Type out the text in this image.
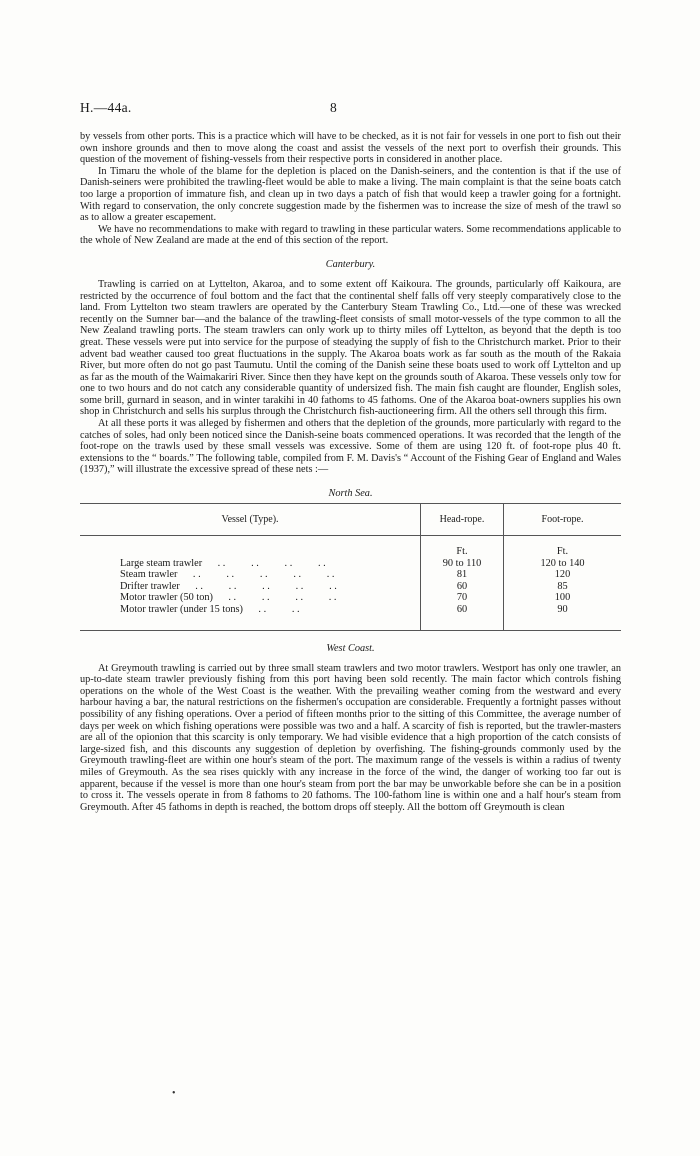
H.—44a.	8

by vessels from other ports. This is a practice which will have to be checked, as it is not fair for vessels in one port to fish out their own inshore grounds and then to move along the coast and assist the vessels of the next port to overfish their grounds. This question of the movement of fishing-vessels from their respective ports in considered in another place.

In Timaru the whole of the blame for the depletion is placed on the Danish-seiners, and the contention is that if the use of Danish-seiners were prohibited the trawling-fleet would be able to make a living. The main complaint is that the seine boats catch too large a proportion of immature fish, and clean up in two days a patch of fish that would keep a trawler going for a fortnight. With regard to conservation, the only concrete suggestion made by the fishermen was to increase the size of mesh of the trawl so as to allow a greater escapement.

We have no recommendations to make with regard to trawling in these particular waters. Some recommendations applicable to the whole of New Zealand are made at the end of this section of the report.

Canterbury.

Trawling is carried on at Lyttelton, Akaroa, and to some extent off Kaikoura. The grounds, particularly off Kaikoura, are restricted by the occurrence of foul bottom and the fact that the continental shelf falls off very steeply comparatively close to the land. From Lyttelton two steam trawlers are operated by the Canterbury Steam Trawling Co., Ltd.—one of these was wrecked recently on the Sumner bar—and the balance of the trawling-fleet consists of small motor-vessels of the type common to all the New Zealand trawling ports. The steam trawlers can only work up to thirty miles off Lyttelton, as beyond that the depth is too great. These vessels were put into service for the purpose of steadying the supply of fish to the Christchurch market. Prior to their advent bad weather caused too great fluctuations in the supply. The Akaroa boats work as far south as the mouth of the Rakaia River, but more often do not go past Taumutu. Until the coming of the Danish seine these boats used to work off Lyttelton and up as far as the mouth of the Waimakariri River. Since then they have kept on the grounds south of Akaroa. These vessels only tow for one to two hours and do not catch any considerable quantity of undersized fish. The main fish caught are flounder, English soles, some brill, gurnard in season, and in winter tarakihi in 40 fathoms to 45 fathoms. One of the Akaroa boat-owners supplies his own shop in Christchurch and sells his surplus through the Christchurch fish-auctioneering firm. All the others sell through this firm.

At all these ports it was alleged by fishermen and others that the depletion of the grounds, more particularly with regard to the catches of soles, had only been noticed since the Danish-seine boats commenced operations. It was recorded that the length of the foot-rope on the trawls used by these small vessels was excessive. Some of them are using 120 ft. of foot-rope plus 40 ft. extensions to the “ boards.” The following table, compiled from F. M. Davis's “ Account of the Fishing Gear of England and Wales (1937),” will illustrate the excessive spread of these nets :—

North Sea.
Vessel (Type).	Head-rope.	Foot-rope.
	Ft.	Ft.
Large steam trawler . .          . .          . .          . .	90 to 110	120 to 140
Steam trawler . .          . .          . .          . .          . .	81	120
Drifter trawler . .          . .          . .          . .          . .	60	85
Motor trawler (50 ton) . .          . .          . .          . .	70	100
Motor trawler (under 15 tons) . .          . .	60	90
West Coast.

At Greymouth trawling is carried out by three small steam trawlers and two motor trawlers. Westport has only one trawler, an up-to-date steam trawler previously fishing from this port having been sold recently. The main factor which controls fishing operations on the whole of the West Coast is the weather. With the prevailing weather coming from the westward and every harbour having a bar, the natural restrictions on the fishermen's occupation are considerable. Frequently a fortnight passes without possibility of any fishing operations. Over a period of fifteen months prior to the sitting of this Committee, the average number of days per week on which fishing operations were possible was two and a half. A scarcity of fish is reported, but the trawler-masters are all of the opionion that this scarcity is only temporary. We had visible evidence that a high proportion of the catch consists of large-sized fish, and this discounts any suggestion of depletion by overfishing. The fishing-grounds commonly used by the Greymouth trawling-fleet are within one hour's steam of the port. The maximum range of the vessels is within a radius of twenty miles of Greymouth. As the sea rises quickly with any increase in the force of the wind, the danger of working too far out is apparent, because if the vessel is more than one hour's steam from port the bar may be unworkable before she can be in a position to cross it. The vessels operate in from 8 fathoms to 20 fathoms. The 100-fathom line is within one and a half hour's steam from Greymouth. After 45 fathoms in depth is reached, the bottom drops off steeply. All the bottom off Greymouth is clean

•
